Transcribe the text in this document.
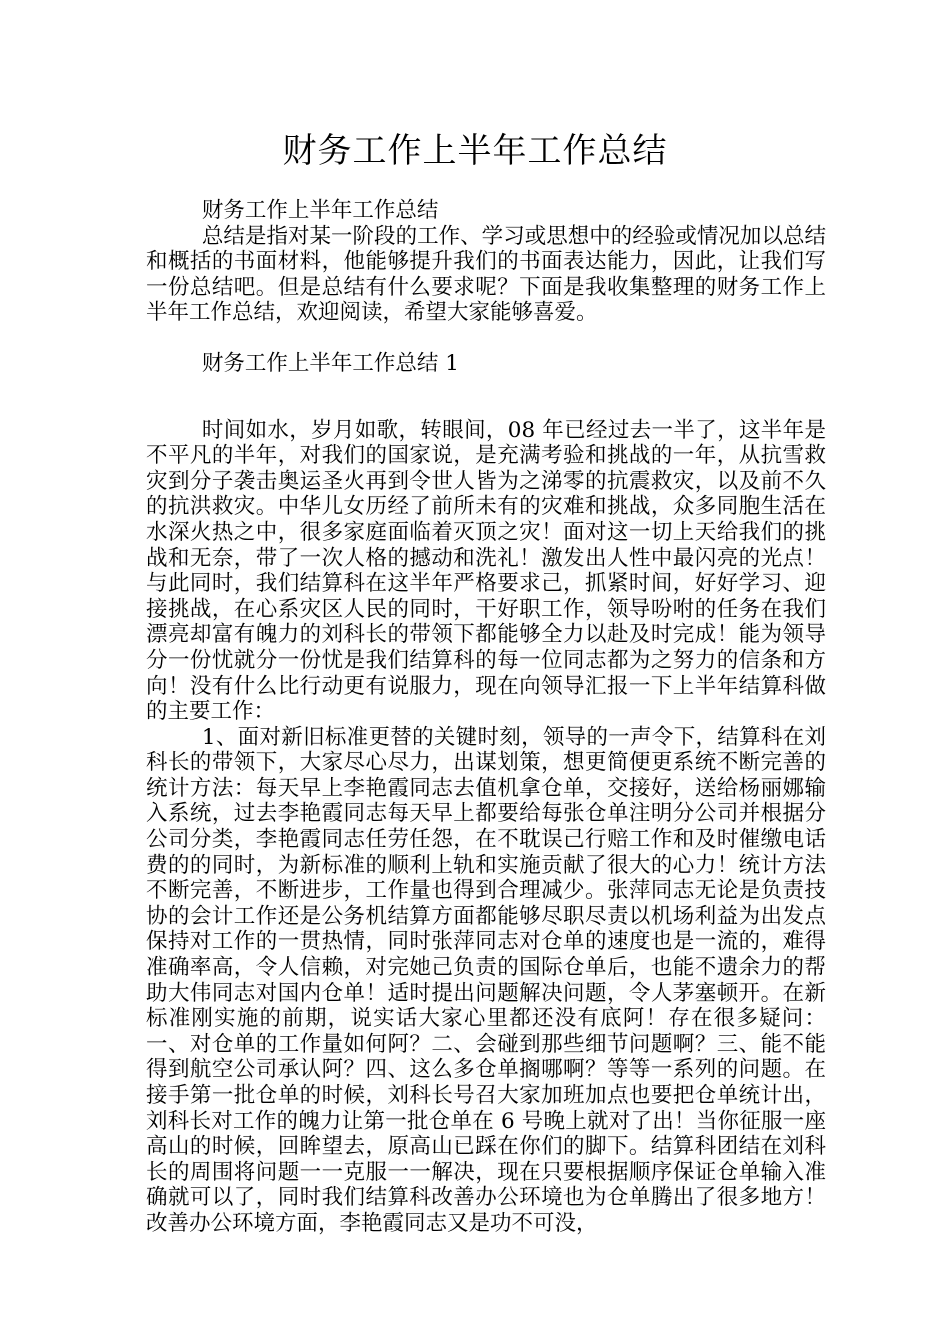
财务工作上半年工作总结

财务工作上半年工作总结

总结是指对某一阶段的工作、学习或思想中的经验或情况加以总结和概括的书面材料，他能够提升我们的书面表达能力，因此，让我们写一份总结吧。但是总结有什么要求呢？下面是我收集整理的财务工作上半年工作总结，欢迎阅读，希望大家能够喜爱。

财务工作上半年工作总结 1

时间如水，岁月如歌，转眼间，08 年已经过去一半了，这半年是不平凡的半年，对我们的国家说，是充满考验和挑战的一年，从抗雪救灾到分子袭击奥运圣火再到令世人皆为之涕零的抗震救灾，以及前不久的抗洪救灾。中华儿女历经了前所未有的灾难和挑战，众多同胞生活在水深火热之中，很多家庭面临着灭顶之灾！面对这一切上天给我们的挑战和无奈，带了一次人格的撼动和洗礼！激发出人性中最闪亮的光点！与此同时，我们结算科在这半年严格要求己，抓紧时间，好好学习、迎接挑战，在心系灾区人民的同时，干好职工作，领导吩咐的任务在我们漂亮却富有魄力的刘科长的带领下都能够全力以赴及时完成！能为领导分一份忧就分一份忧是我们结算科的每一位同志都为之努力的信条和方向！没有什么比行动更有说服力，现在向领导汇报一下上半年结算科做的主要工作：

1、面对新旧标准更替的关键时刻，领导的一声令下，结算科在刘科长的带领下，大家尽心尽力，出谋划策，想更简便更系统不断完善的统计方法：每天早上李艳霞同志去值机拿仓单，交接好，送给杨丽娜输入系统，过去李艳霞同志每天早上都要给每张仓单注明分公司并根据分公司分类，李艳霞同志任劳任怨，在不耽误己行赔工作和及时催缴电话费的的同时，为新标准的顺利上轨和实施贡献了很大的心力！统计方法不断完善，不断进步，工作量也得到合理减少。张萍同志无论是负责技协的会计工作还是公务机结算方面都能够尽职尽责以机场利益为出发点保持对工作的一贯热情，同时张萍同志对仓单的速度也是一流的，难得准确率高，令人信赖，对完她己负责的国际仓单后，也能不遗余力的帮助大伟同志对国内仓单！适时提出问题解决问题，令人茅塞顿开。在新标准刚实施的前期，说实话大家心里都还没有底阿！存在很多疑问：一、对仓单的工作量如何阿？二、会碰到那些细节问题啊？三、能不能得到航空公司承认阿？四、这么多仓单搁哪啊？等等一系列的问题。在接手第一批仓单的时候，刘科长号召大家加班加点也要把仓单统计出，刘科长对工作的魄力让第一批仓单在 6 号晚上就对了出！当你征服一座高山的时候，回眸望去，原高山已踩在你们的脚下。结算科团结在刘科长的周围将问题一一克服一一解决，现在只要根据顺序保证仓单输入准确就可以了，同时我们结算科改善办公环境也为仓单腾出了很多地方！改善办公环境方面，李艳霞同志又是功不可没，
